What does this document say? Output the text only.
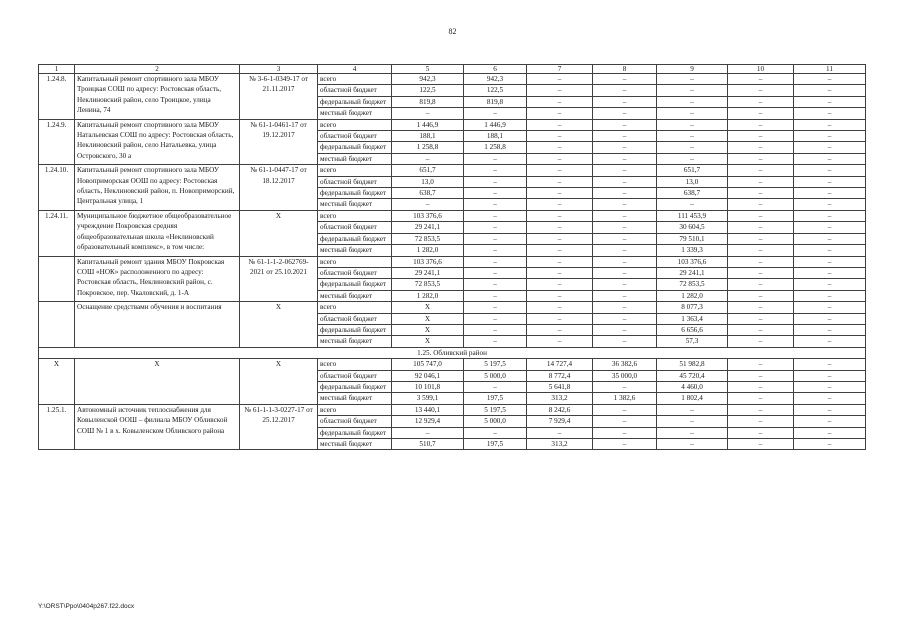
82
1	2	3	4	5	6	7	8	9	10	11
1.24.8.	Капитальный ремонт спортивного зала МБОУ Троицкая СОШ по адресу: Ростовская область, Неклиновский район, село Троицкое, улица Ленина, 74	№ 3-6-1-0349-17 от 21.11.2017	всего	942,3	942,3	–	–	–	–	–
			областной бюджет	122,5	122,5	–	–	–	–	–
			федеральный бюджет	819,8	819,8	–	–	–	–	–
			местный бюджет	–	–	–	–	–	–	–
1.24.9.	Капитальный ремонт спортивного зала МБОУ Натальевская СОШ по адресу: Ростовская область, Неклиновский район, село Натальевка, улица Островского, 30 а	№ 61-1-0461-17 от 19.12.2017	всего	1 446,9	1 446,9	–	–	–	–	–
			областной бюджет	188,1	188,1	–	–	–	–	–
			федеральный бюджет	1 258,8	1 258,8	–	–	–	–	–
			местный бюджет	–	–	–	–	–	–	–
1.24.10.	Капитальный ремонт спортивного зала МБОУ Новоприморская ООШ по адресу: Ростовская область, Неклиновский район, п. Новоприморский, Центральная улица, 1	№ 61-1-0447-17 от 18.12.2017	всего	651,7	–	–	–	651,7	–	–
			областной бюджет	13,0	–	–	–	13,0	–	–
			федеральный бюджет	638,7	–	–	–	638,7	–	–
			местный бюджет	–	–	–	–	–	–	–
1.24.11.	Муниципальное бюджетное общеобразовательное учреждение Покровская средняя общеобразовательная школа «Неклиновский образовательный комплекс», в том числе:	X	всего	103 376,6	–	–	–	111 453,9	–	–
			областной бюджет	29 241,1	–	–	–	30 604,5	–	–
			федеральный бюджет	72 853,5	–	–	–	79 510,1	–	–
			местный бюджет	1 282,0	–	–	–	1 339,3	–	–
	Капитальный ремонт здания МБОУ Покровская СОШ «НОК» расположенного по адресу: Ростовская область, Неклиновский район, с. Покровское, пер. Чкаловский, д. 1-А	№ 61-1-1-2-062769-2021 от 25.10.2021	всего	103 376,6	–	–	–	103 376,6	–	–
			областной бюджет	29 241,1	–	–	–	29 241,1	–	–
			федеральный бюджет	72 853,5	–	–	–	72 853,5	–	–
			местный бюджет	1 282,0	–	–	–	1 282,0	–	–
	Оснащение средствами обучения и воспитания	X	всего	X	–	–	–	8 077,3	–	–
			областной бюджет	X	–	–	–	1 363,4	–	–
			федеральный бюджет	X	–	–	–	6 656,6	–	–
			местный бюджет	X	–	–	–	57,3	–	–
1.25. Обливский район										
X	X	X	всего	105 747,0	5 197,5	14 727,4	36 382,6	51 982,8	–	–
			областной бюджет	92 046,1	5 000,0	8 772,4	35 000,0	45 720,4	–	–
			федеральный бюджет	10 101,8	–	5 641,8	–	4 460,0	–	–
			местный бюджет	3 599,1	197,5	313,2	1 382,6	1 802,4	–	–
1.25.1.	Автономный источник теплоснабжения для Ковыленской ООШ – филиала МБОУ Обливской СОШ № 1 в х. Ковыленском Обливского района	№ 61-1-1-3-0227-17 от 25.12.2017	всего	13 440,1	5 197,5	8 242,6	–	–	–	–
			областной бюджет	12 929,4	5 000,0	7 929,4	–	–	–	–
			федеральный бюджет	–	–	–	–	–	–	–
			местный бюджет	510,7	197,5	313,2	–	–	–	–
Y:\ORST\Ppo\0404p267.f22.docx
